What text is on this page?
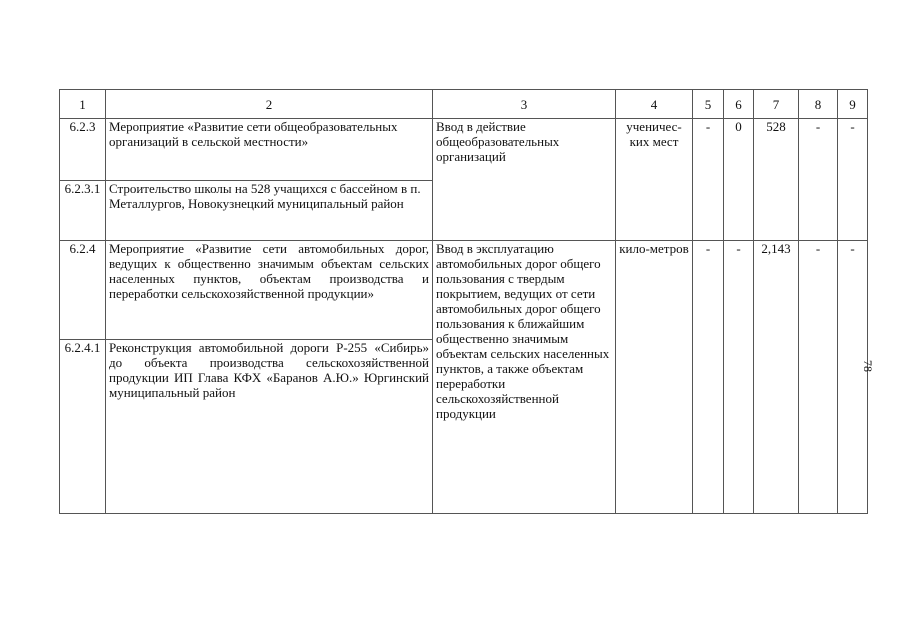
1	2	3	4	5	6	7	8	9
6.2.3	Мероприятие «Развитие сети общеобразовательных организаций в сельской местности»	Ввод в действие общеобразовательных организаций	ученичес-ких мест	-	0	528	-	-
6.2.3.1	Строительство школы на 528 учащихся с бассейном в п. Металлургов, Новокузнецкий муниципальный район							
6.2.4	Мероприятие «Развитие сети автомобильных дорог, ведущих к общественно значимым объектам сельских населенных пунктов, объектам производства и переработки сельскохозяйственной продукции»	Ввод в эксплуатацию автомобильных дорог общего пользования с твердым покрытием, ведущих от сети автомобильных дорог общего пользования к ближайшим общественно значимым объектам сельских населенных пунктов, а также объектам переработки сельскохозяйственной продукции	кило-метров	-	-	2,143	-	-
6.2.4.1	Реконструкция автомобильной дороги Р-255 «Сибирь» до объекта производства сельскохозяйственной продукции ИП Глава КФХ «Баранов А.Ю.» Юргинский муниципальный район							
78
